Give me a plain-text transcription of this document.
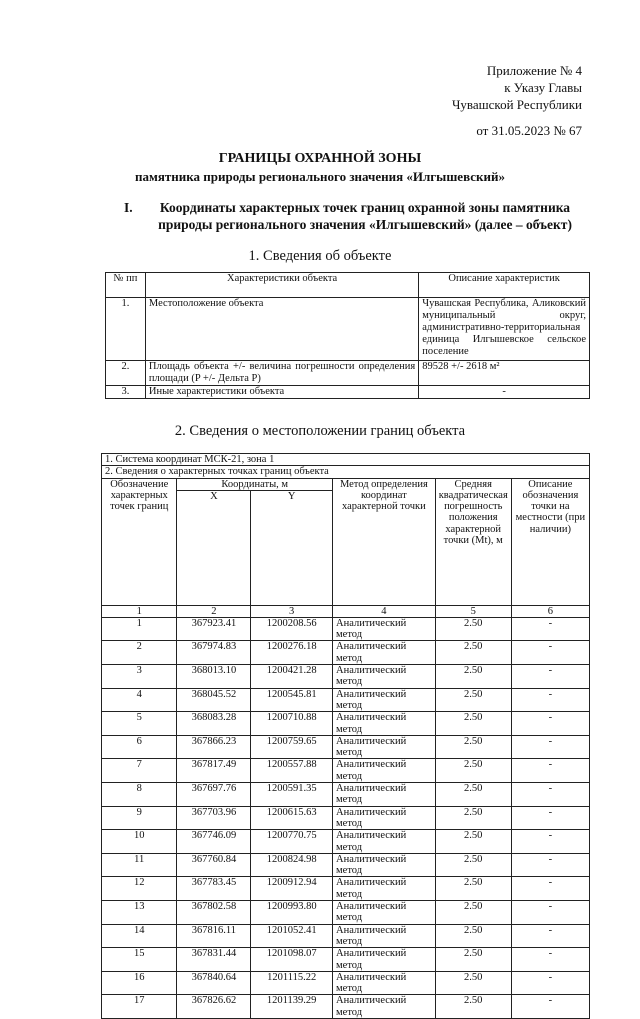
Приложение № 4
к Указу Главы
Чувашской Республики
от 31.05.2023 № 67
ГРАНИЦЫ ОХРАННОЙ ЗОНЫ
памятника природы регионального значения «Илгышевский»
I.	Координаты характерных точек границ охранной зоны памятника природы регионального значения «Илгышевский» (далее – объект)
1. Сведения об объекте
№ пп	Характеристики объекта	Описание характеристик
1.	Местоположение объекта	Чувашская Республика, Аликовский муниципальный округ, административно-территориальная единица Илгышевское сельское поселение
2.	Площадь объекта +/- величина погрешности определения площади (P +/- Дельта P)	89528 +/- 2618 м²
3.	Иные характеристики объекта	-
2. Сведения о местоположении границ объекта
1. Система координат МСК-21, зона 1					
2. Сведения о характерных точках границ объекта					
Обозначение характерных точек границ	Координаты, м		Метод определения координат характерной точки	Средняя квадратическая погрешность положения характерной точки (Mt), м	Описание обозначения точки на местности (при наличии)
	X	Y			
1	2	3	4	5	6
1	367923.41	1200208.56	Аналитический метод	2.50	-
2	367974.83	1200276.18	Аналитический метод	2.50	-
3	368013.10	1200421.28	Аналитический метод	2.50	-
4	368045.52	1200545.81	Аналитический метод	2.50	-
5	368083.28	1200710.88	Аналитический метод	2.50	-
6	367866.23	1200759.65	Аналитический метод	2.50	-
7	367817.49	1200557.88	Аналитический метод	2.50	-
8	367697.76	1200591.35	Аналитический метод	2.50	-
9	367703.96	1200615.63	Аналитический метод	2.50	-
10	367746.09	1200770.75	Аналитический метод	2.50	-
11	367760.84	1200824.98	Аналитический метод	2.50	-
12	367783.45	1200912.94	Аналитический метод	2.50	-
13	367802.58	1200993.80	Аналитический метод	2.50	-
14	367816.11	1201052.41	Аналитический метод	2.50	-
15	367831.44	1201098.07	Аналитический метод	2.50	-
16	367840.64	1201115.22	Аналитический метод	2.50	-
17	367826.62	1201139.29	Аналитический метод	2.50	-
